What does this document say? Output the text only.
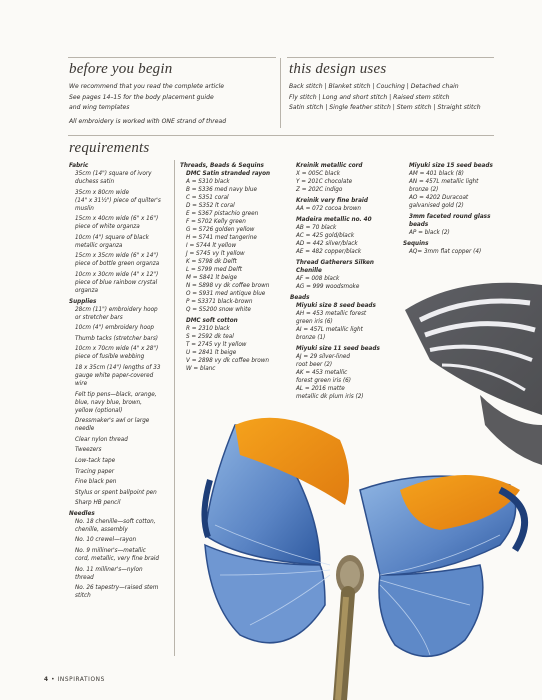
before you begin
We recommend that you read the complete article
See pages 14–15 for the body placement guide
and wing templates
All embroidery is worked with ONE strand of thread
this design uses
Back stitch | Blanket stitch | Couching | Detached chain
Fly stitch | Long and short stitch | Raised stem stitch
Satin stitch | Single feather stitch | Stem stitch | Straight stitch
requirements
Fabric
35cm (14") square of ivory
duchess satin
35cm x 80cm wide
(14" x 31½") piece of quilter's
muslin
15cm x 40cm wide (6" x 16")
piece of white organza
10cm (4") square of black
metallic organza
15cm x 35cm wide (6" x 14")
piece of bottle green organza
10cm x 30cm wide (4" x 12")
piece of blue rainbow crystal
organza
Supplies
28cm (11") embroidery hoop
or stretcher bars
10cm (4") embroidery hoop
Thumb tacks (stretcher bars)
10cm x 70cm wide (4" x 28")
piece of fusible webbing
18 x 35cm (14") lengths of 33
gauge white paper-covered
wire
Felt tip pens—black, orange,
blue, navy blue, brown,
yellow (optional)
Dressmaker's awl or large
needle
Clear nylon thread
Tweezers
Low-tack tape
Tracing paper
Fine black pen
Stylus or spent ballpoint pen
Sharp HB pencil
Needles
No. 18 chenille—soft cotton,
chenille, assembly
No. 10 crewel—rayon
No. 9 milliner's—metallic
cord, metallic, very fine braid
No. 11 milliner's—nylon
thread
No. 26 tapestry—raised stem
stitch
Threads, Beads & Sequins
DMC Satin stranded rayon
A = S310 black
B = S336 med navy blue
C = S351 coral
D = S352 lt coral
E = S367 pistachio green
F = S702 Kelly green
G = S726 golden yellow
H = S741 med tangerine
I = S744 lt yellow
J = S745 vy lt yellow
K = S798 dk Delft
L = S799 med Delft
M = S841 lt beige
N = S898 vy dk coffee brown
O = S931 med antique blue
P = S3371 black-brown
Q = S5200 snow white
DMC soft cotton
R = 2310 black
S = 2592 dk teal
T = 2745 vy lt yellow
U = 2841 lt beige
V = 2898 vy dk coffee brown
W = blanc
Kreinik metallic cord
X = 005C black
Y = 201C chocolate
Z = 202C indigo
Kreinik very fine braid
AA = 072 cocoa brown
Madeira metallic no. 40
AB = 70 black
AC = 425 gold/black
AD = 442 silver/black
AE = 482 copper/black
Thread Gatherers Silken
Chenille
AF = 008 black
AG = 999 woodsmoke
Beads
Miyuki size 8 seed beads
AH = 453 metallic forest
green iris (6)
AI = 457L metallic light
bronze (1)
Miyuki size 11 seed beads
AJ = 29 silver-lined
root beer (2)
AK = 453 metallic
forest green iris (6)
AL = 2016 matte
metallic dk plum iris (2)
Miyuki size 15 seed beads
AM = 401 black (8)
AN = 457L metallic light
bronze (2)
AO = 4202 Duracoat
galvanised gold (2)
3mm faceted round glass
beads
AP = black (2)
Sequins
AQ= 3mm flat copper (4)
4 • INSPIRATIONS
